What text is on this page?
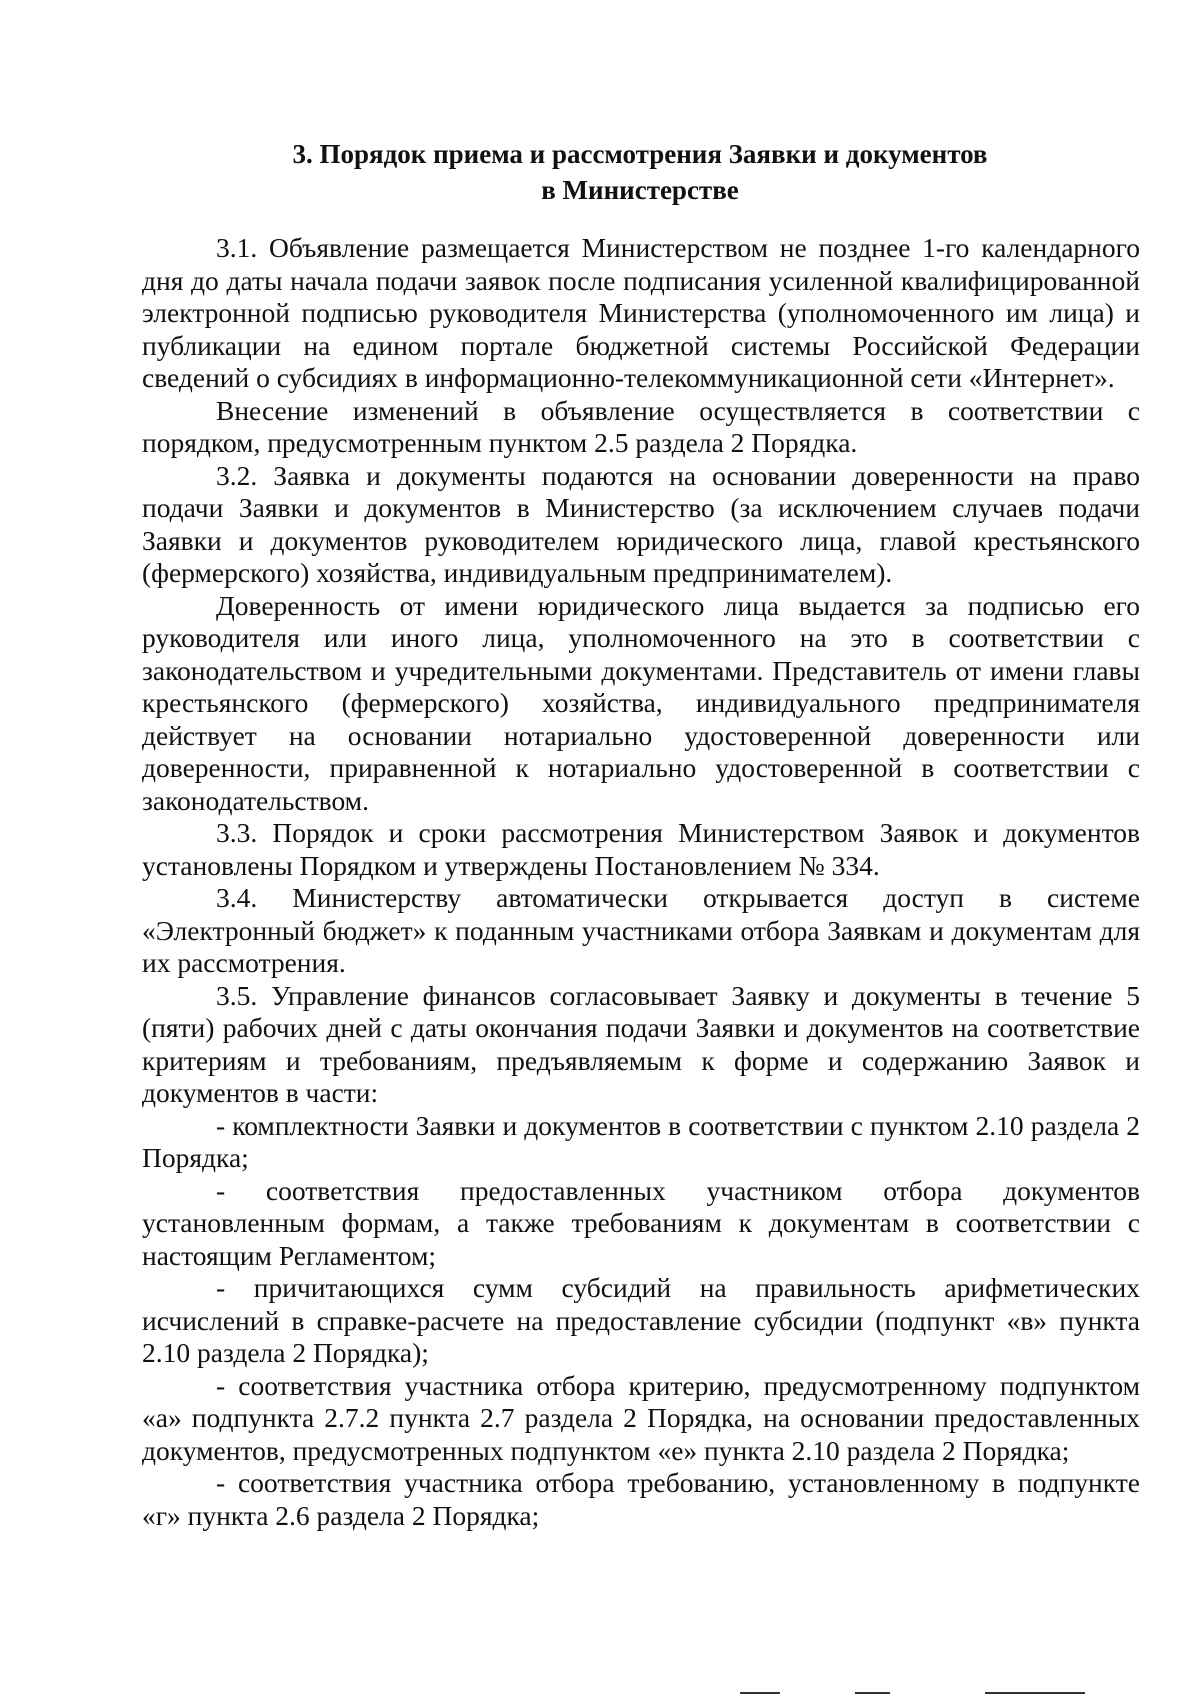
3. Порядок приема и рассмотрения Заявки и документов
в Министерстве

3.1. Объявление размещается Министерством не позднее 1-го календарного дня до даты начала подачи заявок после подписания усиленной квалифицированной электронной подписью руководителя Министерства (уполномоченного им лица) и публикации на едином портале бюджетной системы Российской Федерации сведений о субсидиях в информационно-телекоммуникационной сети «Интернет».

Внесение изменений в объявление осуществляется в соответствии с порядком, предусмотренным пунктом 2.5 раздела 2 Порядка.

3.2. Заявка и документы подаются на основании доверенности на право подачи Заявки и документов в Министерство (за исключением случаев подачи Заявки и документов руководителем юридического лица, главой крестьянского (фермерского) хозяйства, индивидуальным предпринимателем).

Доверенность от имени юридического лица выдается за подписью его руководителя или иного лица, уполномоченного на это в соответствии с законодательством и учредительными документами. Представитель от имени главы крестьянского (фермерского) хозяйства, индивидуального предпринимателя действует на основании нотариально удостоверенной доверенности или доверенности, приравненной к нотариально удостоверенной в соответствии с законодательством.

3.3. Порядок и сроки рассмотрения Министерством Заявок и документов установлены Порядком и утверждены Постановлением № 334.

3.4. Министерству автоматически открывается доступ в системе «Электронный бюджет» к поданным участниками отбора Заявкам и документам для их рассмотрения.

3.5. Управление финансов согласовывает Заявку и документы в течение 5 (пяти) рабочих дней с даты окончания подачи Заявки и документов на соответствие критериям и требованиям, предъявляемым к форме и содержанию Заявок и документов в части:

- комплектности Заявки и документов в соответствии с пунктом 2.10 раздела 2 Порядка;

- соответствия предоставленных участником отбора документов установленным формам, а также требованиям к документам в соответствии с настоящим Регламентом;

- причитающихся сумм субсидий на правильность арифметических исчислений в справке-расчете на предоставление субсидии (подпункт «в» пункта 2.10 раздела 2 Порядка);

- соответствия участника отбора критерию, предусмотренному подпунктом «а» подпункта 2.7.2 пункта 2.7 раздела 2 Порядка, на основании предоставленных документов, предусмотренных подпунктом «е» пункта 2.10 раздела 2 Порядка;

- соответствия участника отбора требованию, установленному в подпункте «г» пункта 2.6 раздела 2 Порядка;
